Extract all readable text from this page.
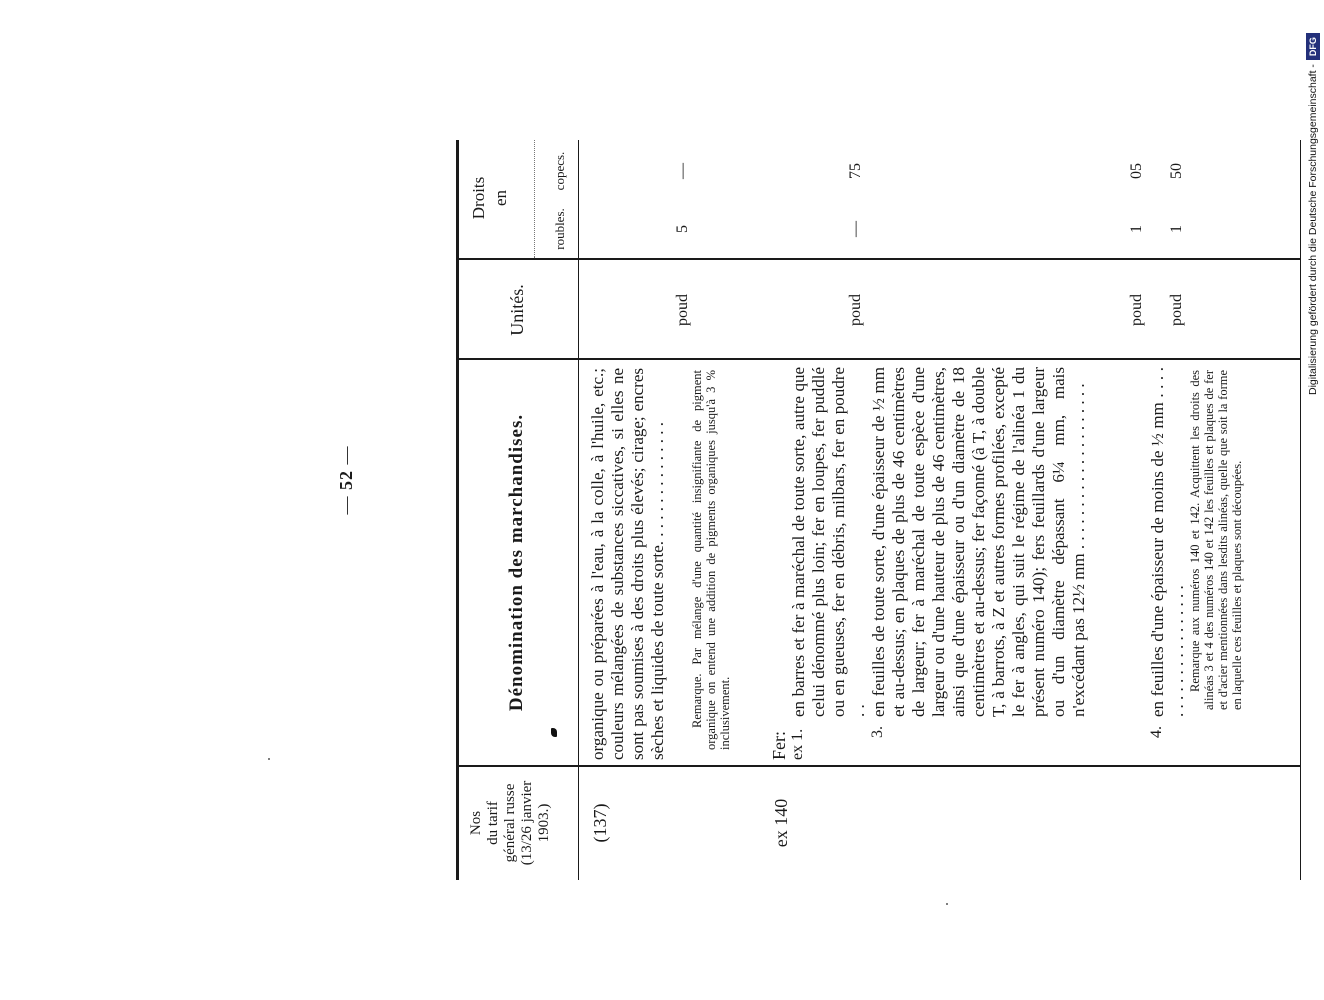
— 52 —
Nos du tarif général russe (13/26 janvier 1903.)
Dénomination des marchandises.
Unités.
Droits en
roubles.
copecs.
(137)
organique ou préparées à l'eau, à la colle, à l'huile, etc.; couleurs mélangées de substances siccatives, si elles ne sont pas soumises à des droits plus élevés; cirage; encres sèches et liquides de toute sorte. . . . . . . . . . . . . . . Remarque. Par mélange d'une quantité insignifiante de pigment organique on entend une addition de pigments organiques jusqu'à 3 % inclusivement.
poud
5
—
ex 140
Fer: ex 1.
en barres et fer à maréchal de toute sorte, autre que celui dénommé plus loin; fer en loupes, fer puddlé ou en gueuses, fer en débris, milbars, fer en poudre . .
poud
—
75
3.
en feuilles de toute sorte, d'une épaisseur de ½ mm et au-dessus; en plaques de plus de 46 centimètres de largeur; fer à maréchal de toute espèce d'une largeur ou d'une hauteur de plus de 46 centimètres, ainsi que d'une épaisseur ou d'un diamètre de 18 centimètres et au-dessus; fer façonné (à T, à double T, à barrots, à Z et autres formes profilées, excepté le fer à angles, qui suit le régime de l'alinéa 1 du présent numéro 140); fers feuillards d'une largeur ou d'un diamètre dépassant 6¼ mm, mais n'excédant pas 12½ mm . . . . . . . . . . . . . . . . . . . .
poud
1
05
4.
en feuilles d'une épaisseur de moins de ½ mm . . . . . . . . . . . . . . . . . . . .
poud
1
50
Remarque aux numéros 140 et 142. Acquittent les droits des alinéas 3 et 4 des numéros 140 et 142 les feuilles et plaques de fer et d'acier mentionnées dans lesdits alinéas, quelle que soit la forme en laquelle ces feuilles et plaques sont découpées.
Digitalisierung gefördert durch die Deutsche Forschungsgemeinschaft -
DFG
